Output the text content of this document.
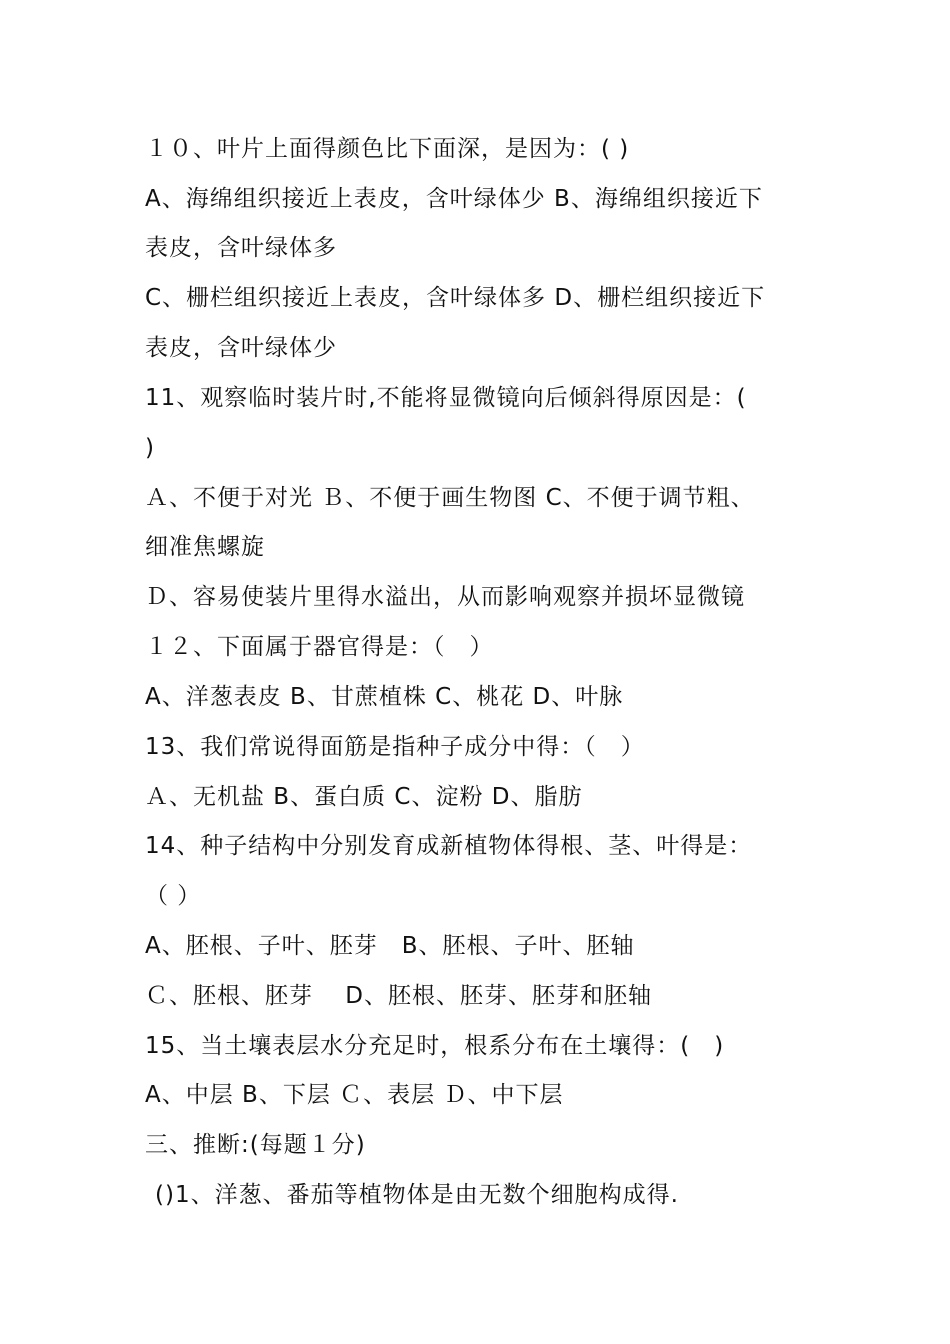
１０、叶片上面得颜色比下面深，是因为：( )
A、海绵组织接近上表皮，含叶绿体少 B、海绵组织接近下
表皮，含叶绿体多
C、栅栏组织接近上表皮，含叶绿体多 D、栅栏组织接近下
表皮，含叶绿体少
11、观察临时装片时,不能将显微镜向后倾斜得原因是：(
)
Ａ、不便于对光 Ｂ、不便于画生物图 C、不便于调节粗、
细准焦螺旋
Ｄ、容易使装片里得水溢出，从而影响观察并损坏显微镜
１２、下面属于器官得是：（　）
A、洋葱表皮 B、甘蔗植株 C、桃花 D、叶脉
13、我们常说得面筋是指种子成分中得：（　）
Ａ、无机盐 B、蛋白质 C、淀粉 D、脂肪
14、种子结构中分别发育成新植物体得根、茎、叶得是：
（ ）
A、胚根、子叶、胚芽　B、胚根、子叶、胚轴
Ｃ、胚根、胚芽　 D、胚根、胚芽、胚芽和胚轴
15、当土壤表层水分充足时，根系分布在土壤得：(　)
A、中层 B、下层 Ｃ、表层 Ｄ、中下层
三、推断:(每题１分)
()1、洋葱、番茄等植物体是由无数个细胞构成得.
